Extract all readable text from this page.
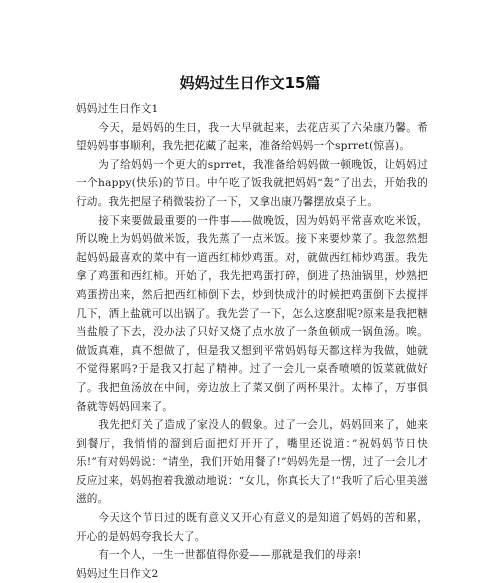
妈妈过生日作文15篇

妈妈过生日作文1

今天，是妈妈的生日，我一大早就起来，去花店买了六朵康乃馨。希望妈妈事事顺利，我先把花藏了起来，准备给妈妈一个sprret(惊喜)。

为了给妈妈一个更大的sprret，我准备给妈妈做一顿晚饭，让妈妈过一个happy(快乐)的节日。中午吃了饭我就把妈妈“轰”了出去，开始我的行动。我先把屋子稍微装扮了一下，又拿出康乃馨摆放桌子上。

接下来要做最重要的一件事——做晚饭，因为妈妈平常喜欢吃米饭，所以晚上为妈妈做米饭，我先蒸了一点米饭。接下来要炒菜了。我忽然想起妈妈最喜欢的菜中有一道西红柿炒鸡蛋。对，就做西红柿炒鸡蛋。我先拿了鸡蛋和西红柿。开始了，我先把鸡蛋打碎，倒进了热油锅里，炒熟把鸡蛋捞出来，然后把西红柿倒下去，炒到快成汁的时候把鸡蛋倒下去搅拌几下，洒上盐就可以出锅了。我先尝了一下，怎么这麽甜呢?原来是我把糖当盐般了下去，没办法了只好又烧了点水放了一条鱼顿成一锅鱼汤。唉。做饭真难，真不想做了，但是我又想到平常妈妈每天都这样为我做，她就不觉得累吗?于是我又打起了精神。过了一会儿一桌香喷喷的饭菜就做好了。我把鱼汤放在中间，旁边放上了菜又倒了两杯果汁。太棒了，万事俱备就等妈妈回来了。

我先把灯关了造成了家没人的假象。过了一会儿，妈妈回来了，她来到餐厅，我悄悄的溜到后面把灯开开了，嘴里还说道：”祝妈妈节日快乐!”有对妈妈说：“请坐，我们开始用餐了!”妈妈先是一愣，过了一会儿才反应过来，妈妈抱着我激动地说：“女儿，你真长大了!”我听了后心里美滋滋的。

今天这个节日过的既有意义又开心有意义的是知道了妈妈的苦和累，开心的是妈妈夸我长大了。

有一个人，一生一世都值得你爱——那就是我们的母亲!

妈妈过生日作文2
